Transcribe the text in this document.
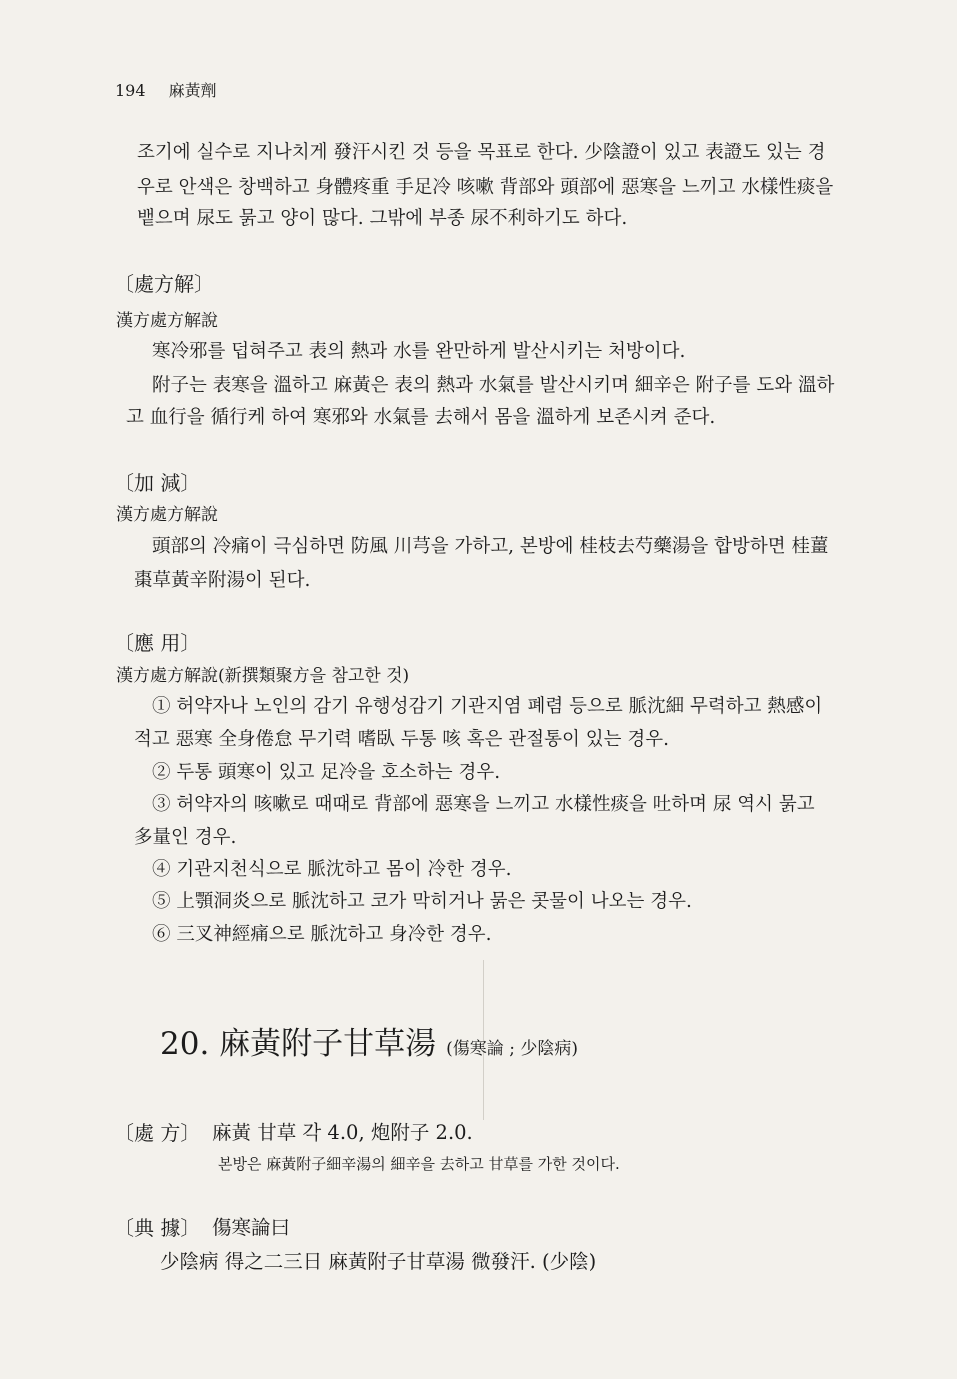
194 麻黃劑
조기에 실수로 지나치게 發汗시킨 것 등을 목표로 한다. 少陰證이 있고 表證도 있는 경
우로 안색은 창백하고 身體疼重 手足冷 咳嗽 背部와 頭部에 惡寒을 느끼고 水樣性痰을
뱉으며 尿도 묽고 양이 많다. 그밖에 부종 尿不利하기도 하다.
〔處方解〕
漢方處方解說
寒冷邪를 덥혀주고 表의 熱과 水를 완만하게 발산시키는 처방이다.
附子는 表寒을 溫하고 麻黃은 表의 熱과 水氣를 발산시키며 細辛은 附子를 도와 溫하
고 血行을 循行케 하여 寒邪와 水氣를 去해서 몸을 溫하게 보존시켜 준다.
〔加 減〕
漢方處方解說
頭部의 冷痛이 극심하면 防風 川芎을 가하고, 본방에 桂枝去芍藥湯을 합방하면 桂薑
棗草黃辛附湯이 된다.
〔應 用〕
漢方處方解說(新撰類聚方을 참고한 것)
① 허약자나 노인의 감기 유행성감기 기관지염 폐렴 등으로 脈沈細 무력하고 熱感이
적고 惡寒 全身倦怠 무기력 嗜臥 두통 咳 혹은 관절통이 있는 경우.
② 두통 頭寒이 있고 足冷을 호소하는 경우.
③ 허약자의 咳嗽로 때때로 背部에 惡寒을 느끼고 水樣性痰을 吐하며 尿 역시 묽고
多量인 경우.
④ 기관지천식으로 脈沈하고 몸이 冷한 경우.
⑤ 上顎洞炎으로 脈沈하고 코가 막히거나 묽은 콧물이 나오는 경우.
⑥ 三叉神經痛으로 脈沈하고 身冷한 경우.
20. 麻黃附子甘草湯 (傷寒論 ; 少陰病)
〔處 方〕 麻黃 甘草 각 4.0, 炮附子 2.0.
본방은 麻黃附子細辛湯의 細辛을 去하고 甘草를 가한 것이다.
〔典 據〕 傷寒論曰
少陰病 得之二三日 麻黃附子甘草湯 微發汗. (少陰)
